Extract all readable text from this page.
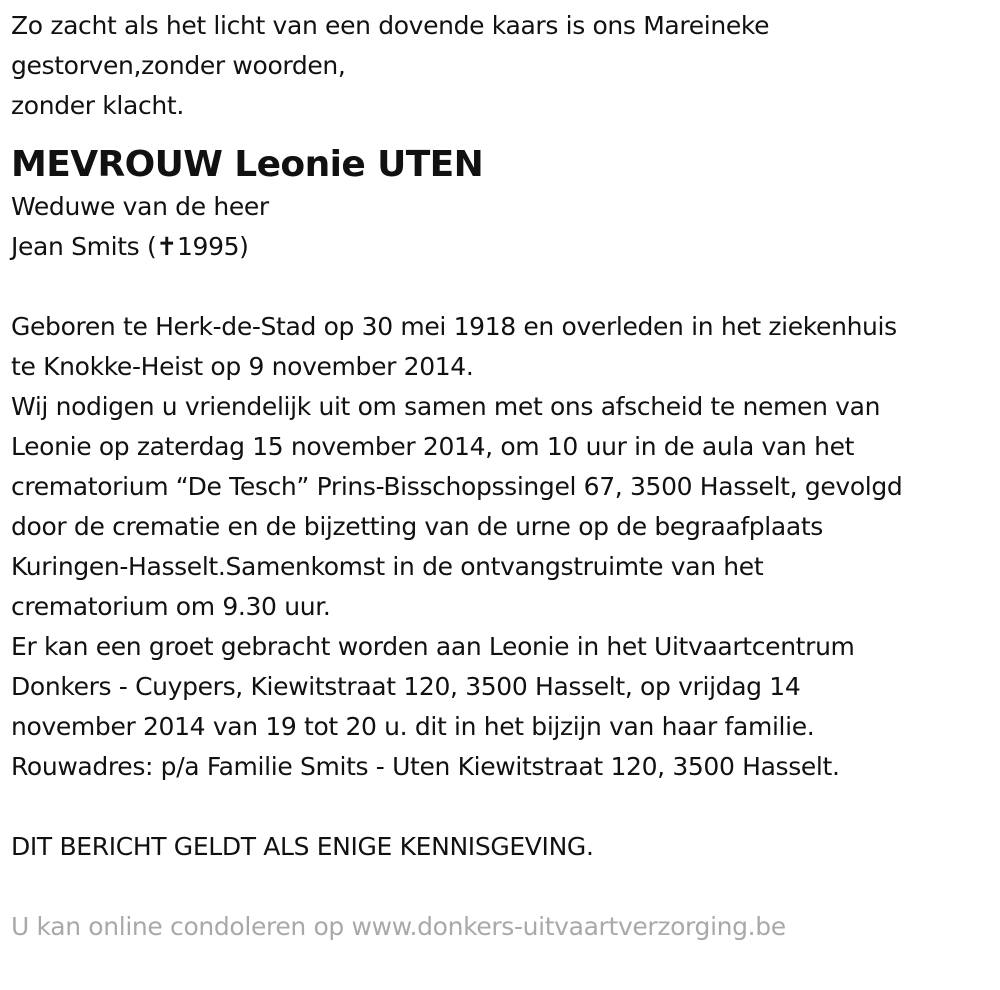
Zo zacht als het licht van een dovende kaars is ons Mareineke
gestorven,zonder woorden,
zonder klacht.
MEVROUW Leonie UTEN
Weduwe van de heer
Jean Smits (✝1995)
Geboren te Herk-de-Stad op 30 mei 1918 en overleden in het ziekenhuis
te Knokke-Heist op 9 november 2014.
Wij nodigen u vriendelijk uit om samen met ons afscheid te nemen van
Leonie op zaterdag 15 november 2014, om 10 uur in de aula van het
crematorium “De Tesch” Prins-Bisschopssingel 67, 3500 Hasselt, gevolgd
door de crematie en de bijzetting van de urne op de begraafplaats
Kuringen-Hasselt.Samenkomst in de ontvangstruimte van het
crematorium om 9.30 uur.
Er kan een groet gebracht worden aan Leonie in het Uitvaartcentrum
Donkers - Cuypers, Kiewitstraat 120, 3500 Hasselt, op vrijdag 14
november 2014 van 19 tot 20 u. dit in het bijzijn van haar familie.
Rouwadres: p/a Familie Smits - Uten Kiewitstraat 120, 3500 Hasselt.
DIT BERICHT GELDT ALS ENIGE KENNISGEVING.
U kan online condoleren op www.donkers-uitvaartverzorging.be
